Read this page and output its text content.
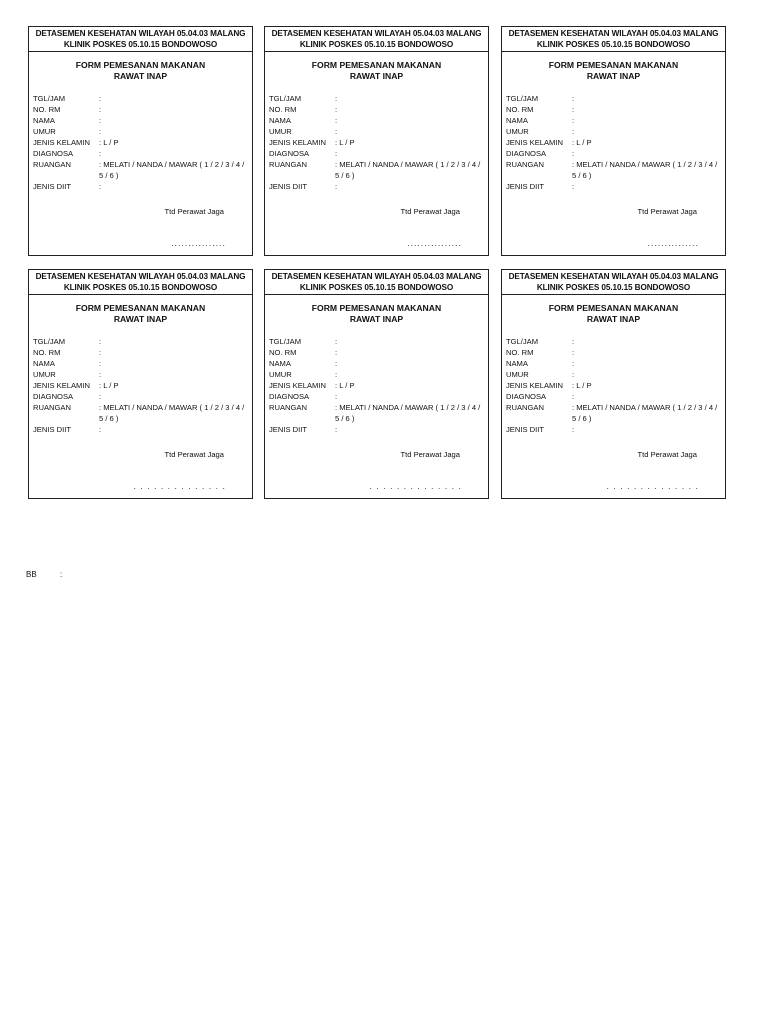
DETASEMEN KESEHATAN WILAYAH 05.04.03 MALANG
KLINIK POSKES 05.10.15 BONDOWOSO
FORM PEMESANAN MAKANAN
RAWAT INAP
TGL/JAM	:
NO. RM	:
NAMA	:
UMUR	:
JENIS KELAMIN	: L / P
DIAGNOSA	:
RUANGAN	: MELATI / NANDA / MAWAR ( 1 / 2 / 3 / 4 / 5 / 6 )
JENIS DIIT	:
Ttd Perawat Jaga
................
DETASEMEN KESEHATAN WILAYAH 05.04.03 MALANG
KLINIK POSKES 05.10.15 BONDOWOSO
FORM PEMESANAN MAKANAN
RAWAT INAP
TGL/JAM	:
NO. RM	:
NAMA	:
UMUR	:
JENIS KELAMIN	: L / P
DIAGNOSA	:
RUANGAN	: MELATI / NANDA / MAWAR ( 1 / 2 / 3 / 4 / 5 / 6 )
JENIS DIIT	:
Ttd Perawat Jaga
................
DETASEMEN KESEHATAN WILAYAH 05.04.03 MALANG
KLINIK POSKES 05.10.15 BONDOWOSO
FORM PEMESANAN MAKANAN
RAWAT INAP
TGL/JAM	:
NO. RM	:
NAMA	:
UMUR	:
JENIS KELAMIN	: L / P
DIAGNOSA	:
RUANGAN	: MELATI / NANDA / MAWAR ( 1 / 2 / 3 / 4 / 5 / 6 )
JENIS DIIT	:
Ttd Perawat Jaga
...............
DETASEMEN KESEHATAN WILAYAH 05.04.03 MALANG
KLINIK POSKES 05.10.15 BONDOWOSO
FORM PEMESANAN MAKANAN
RAWAT INAP
TGL/JAM	:
NO. RM	:
NAMA	:
UMUR	:
JENIS KELAMIN	: L / P
DIAGNOSA	:
RUANGAN	: MELATI / NANDA / MAWAR ( 1 / 2 / 3 / 4 / 5 / 6 )
JENIS DIIT	:
Ttd Perawat Jaga
. . . . . . . . . . . . . .
DETASEMEN KESEHATAN WILAYAH 05.04.03 MALANG
KLINIK POSKES 05.10.15 BONDOWOSO
FORM PEMESANAN MAKANAN
RAWAT INAP
TGL/JAM	:
NO. RM	:
NAMA	:
UMUR	:
JENIS KELAMIN	: L / P
DIAGNOSA	:
RUANGAN	: MELATI / NANDA / MAWAR ( 1 / 2 / 3 / 4 / 5 / 6 )
JENIS DIIT	:
Ttd Perawat Jaga
. . . . . . . . . . . . . .
DETASEMEN KESEHATAN WILAYAH 05.04.03 MALANG
KLINIK POSKES 05.10.15 BONDOWOSO
FORM PEMESANAN MAKANAN
RAWAT INAP
TGL/JAM	:
NO. RM	:
NAMA	:
UMUR	:
JENIS KELAMIN	: L / P
DIAGNOSA	:
RUANGAN	: MELATI / NANDA / MAWAR ( 1 / 2 / 3 / 4 / 5 / 6 )
JENIS DIIT	:
Ttd Perawat Jaga
. . . . . . . . . . . . . .
BB	:
